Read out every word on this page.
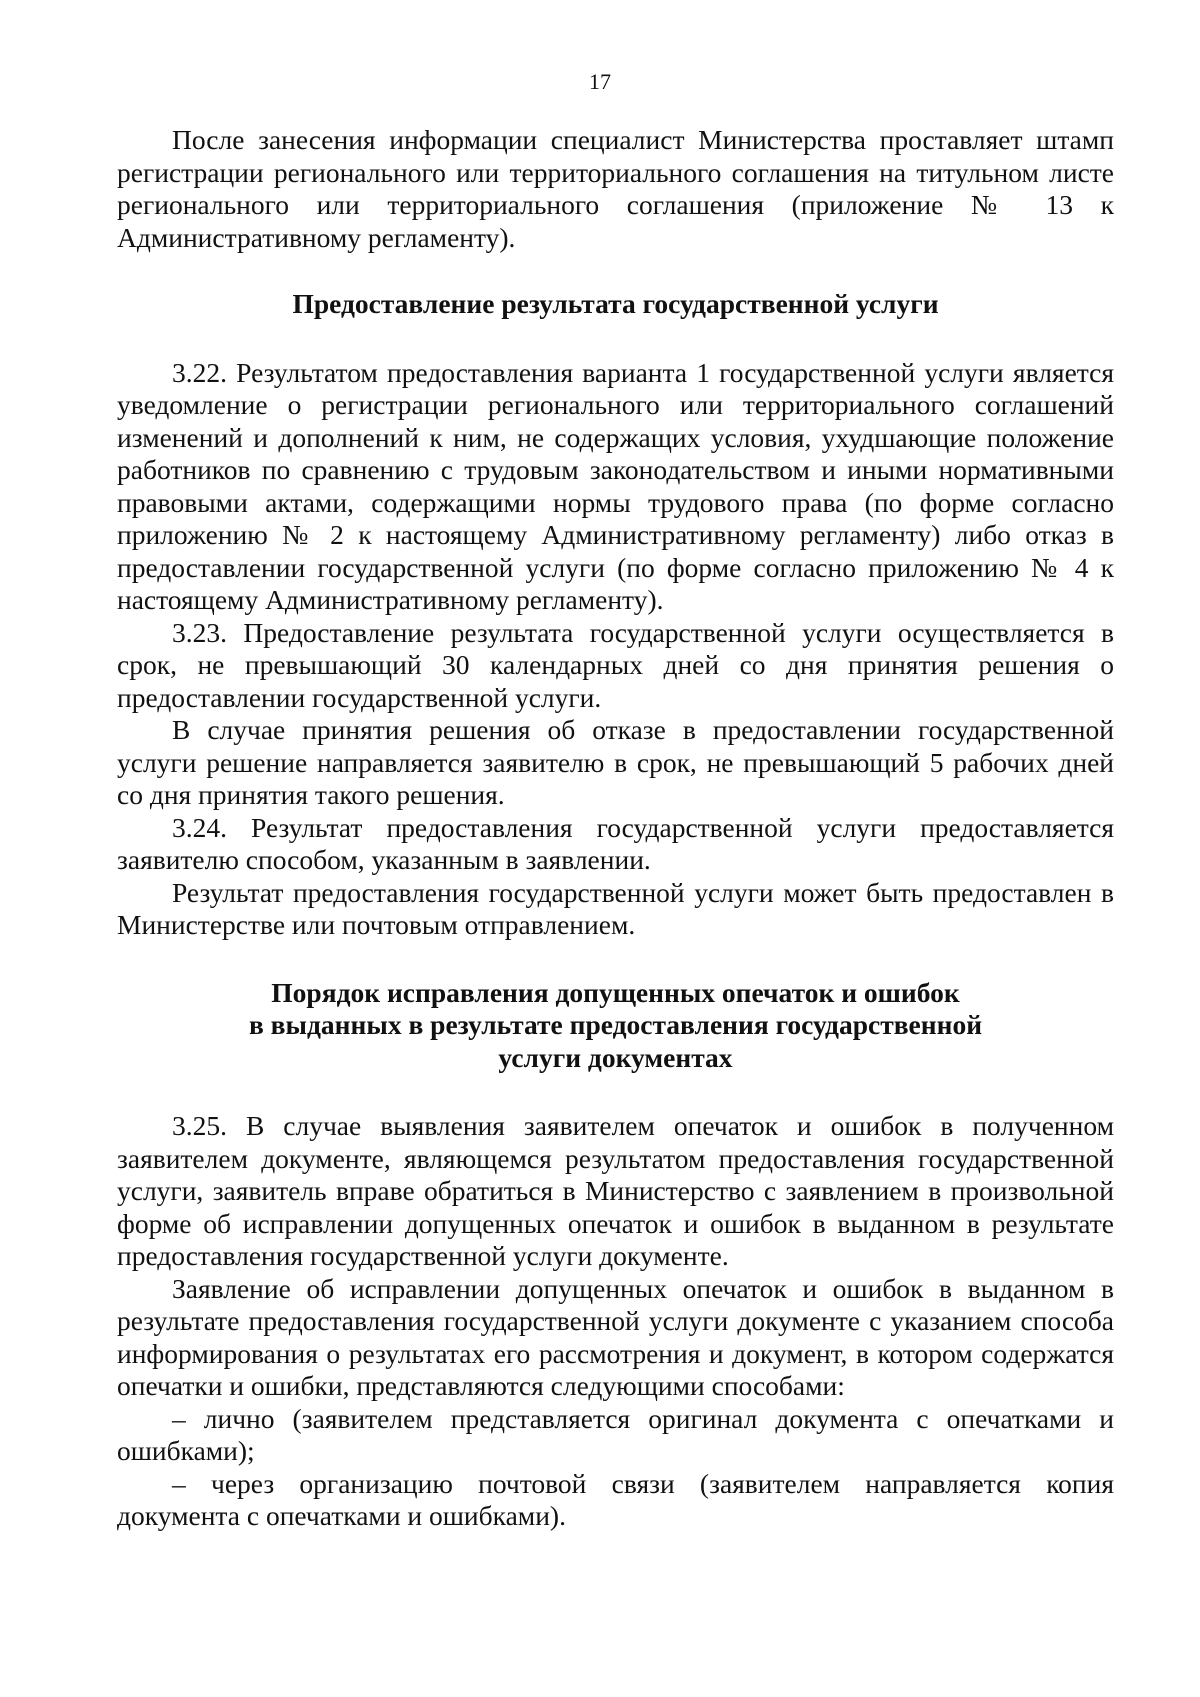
17

После занесения информации специалист Министерства проставляет штамп регистрации регионального или территориального соглашения на титульном листе регионального или территориального соглашения (приложение № 13 к Административному регламенту).

Предоставление результата государственной услуги

3.22. Результатом предоставления варианта 1 государственной услуги является уведомление о регистрации регионального или территориального соглашений изменений и дополнений к ним, не содержащих условия, ухудшающие положение работников по сравнению с трудовым законодательством и иными нормативными правовыми актами, содержащими нормы трудового права (по форме согласно приложению № 2 к настоящему Административному регламенту) либо отказ в предоставлении государственной услуги (по форме согласно приложению № 4 к настоящему Административному регламенту).

3.23. Предоставление результата государственной услуги осуществляется в срок, не превышающий 30 календарных дней со дня принятия решения о предоставлении государственной услуги.

В случае принятия решения об отказе в предоставлении государственной услуги решение направляется заявителю в срок, не превышающий 5 рабочих дней со дня принятия такого решения.

3.24. Результат предоставления государственной услуги предоставляется заявителю способом, указанным в заявлении.

Результат предоставления государственной услуги может быть предоставлен в Министерстве или почтовым отправлением.

Порядок исправления допущенных опечаток и ошибок
в выданных в результате предоставления государственной
услуги документах

3.25. В случае выявления заявителем опечаток и ошибок в полученном заявителем документе, являющемся результатом предоставления государственной услуги, заявитель вправе обратиться в Министерство с заявлением в произвольной форме об исправлении допущенных опечаток и ошибок в выданном в результате предоставления государственной услуги документе.

Заявление об исправлении допущенных опечаток и ошибок в выданном в результате предоставления государственной услуги документе с указанием способа информирования о результатах его рассмотрения и документ, в котором содержатся опечатки и ошибки, представляются следующими способами:

– лично (заявителем представляется оригинал документа с опечатками и ошибками);

– через организацию почтовой связи (заявителем направляется копия документа с опечатками и ошибками).
